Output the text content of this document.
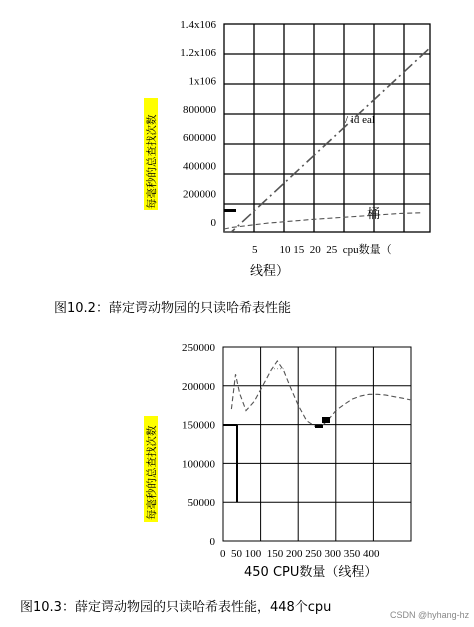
0
200000
400000
600000
800000
1x106
1.2x106
1.4x106
/ id eal
桶
5        10 15  20  25  cpu数量（
线程）
每毫秒的总查找次数
图10.2：薛定谔动物园的只读哈希表性能
0
50000
100000
150000
200000
250000
0  50 100  150 200 250 300 350 400
450 CPU数量（线程）
每毫秒的总查找次数
图10.3：薛定谔动物园的只读哈希表性能，448个cpu	CSDN @hyhang-hz
